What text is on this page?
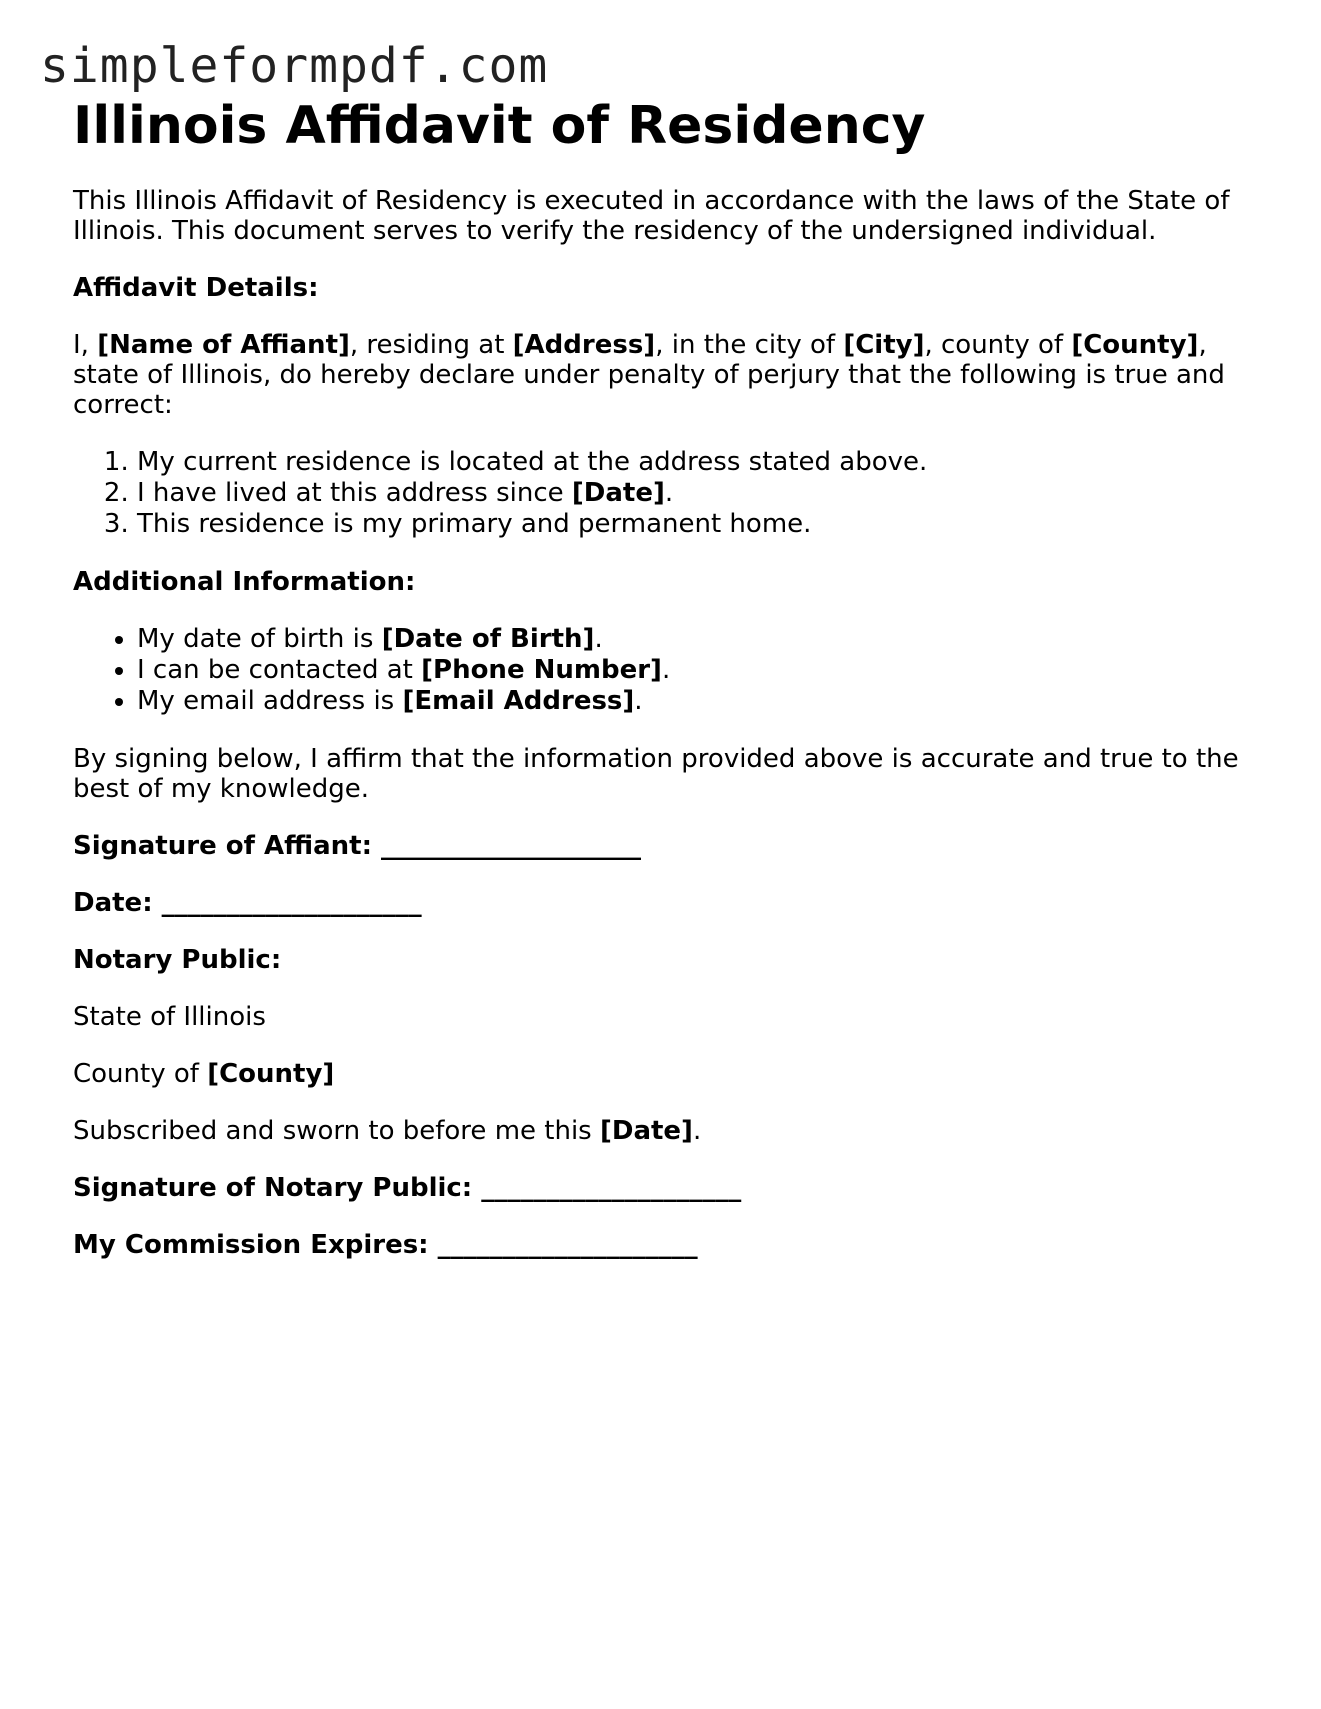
simpleformpdf.com
Illinois Affidavit of Residency

This Illinois Affidavit of Residency is executed in accordance with the laws of the State of Illinois. This document serves to verify the residency of the undersigned individual.

Affidavit Details:

I, [Name of Affiant], residing at [Address], in the city of [City], county of [County], state of Illinois, do hereby declare under penalty of perjury that the following is true and correct:

1. My current residence is located at the address stated above.
2. I have lived at this address since [Date].
3. This residence is my primary and permanent home.

Additional Information:

• My date of birth is [Date of Birth].
• I can be contacted at [Phone Number].
• My email address is [Email Address].

By signing below, I affirm that the information provided above is accurate and true to the best of my knowledge.

Signature of Affiant: ____________________

Date: ____________________

Notary Public:

State of Illinois

County of [County]

Subscribed and sworn to before me this [Date].

Signature of Notary Public: ____________________

My Commission Expires: ____________________
